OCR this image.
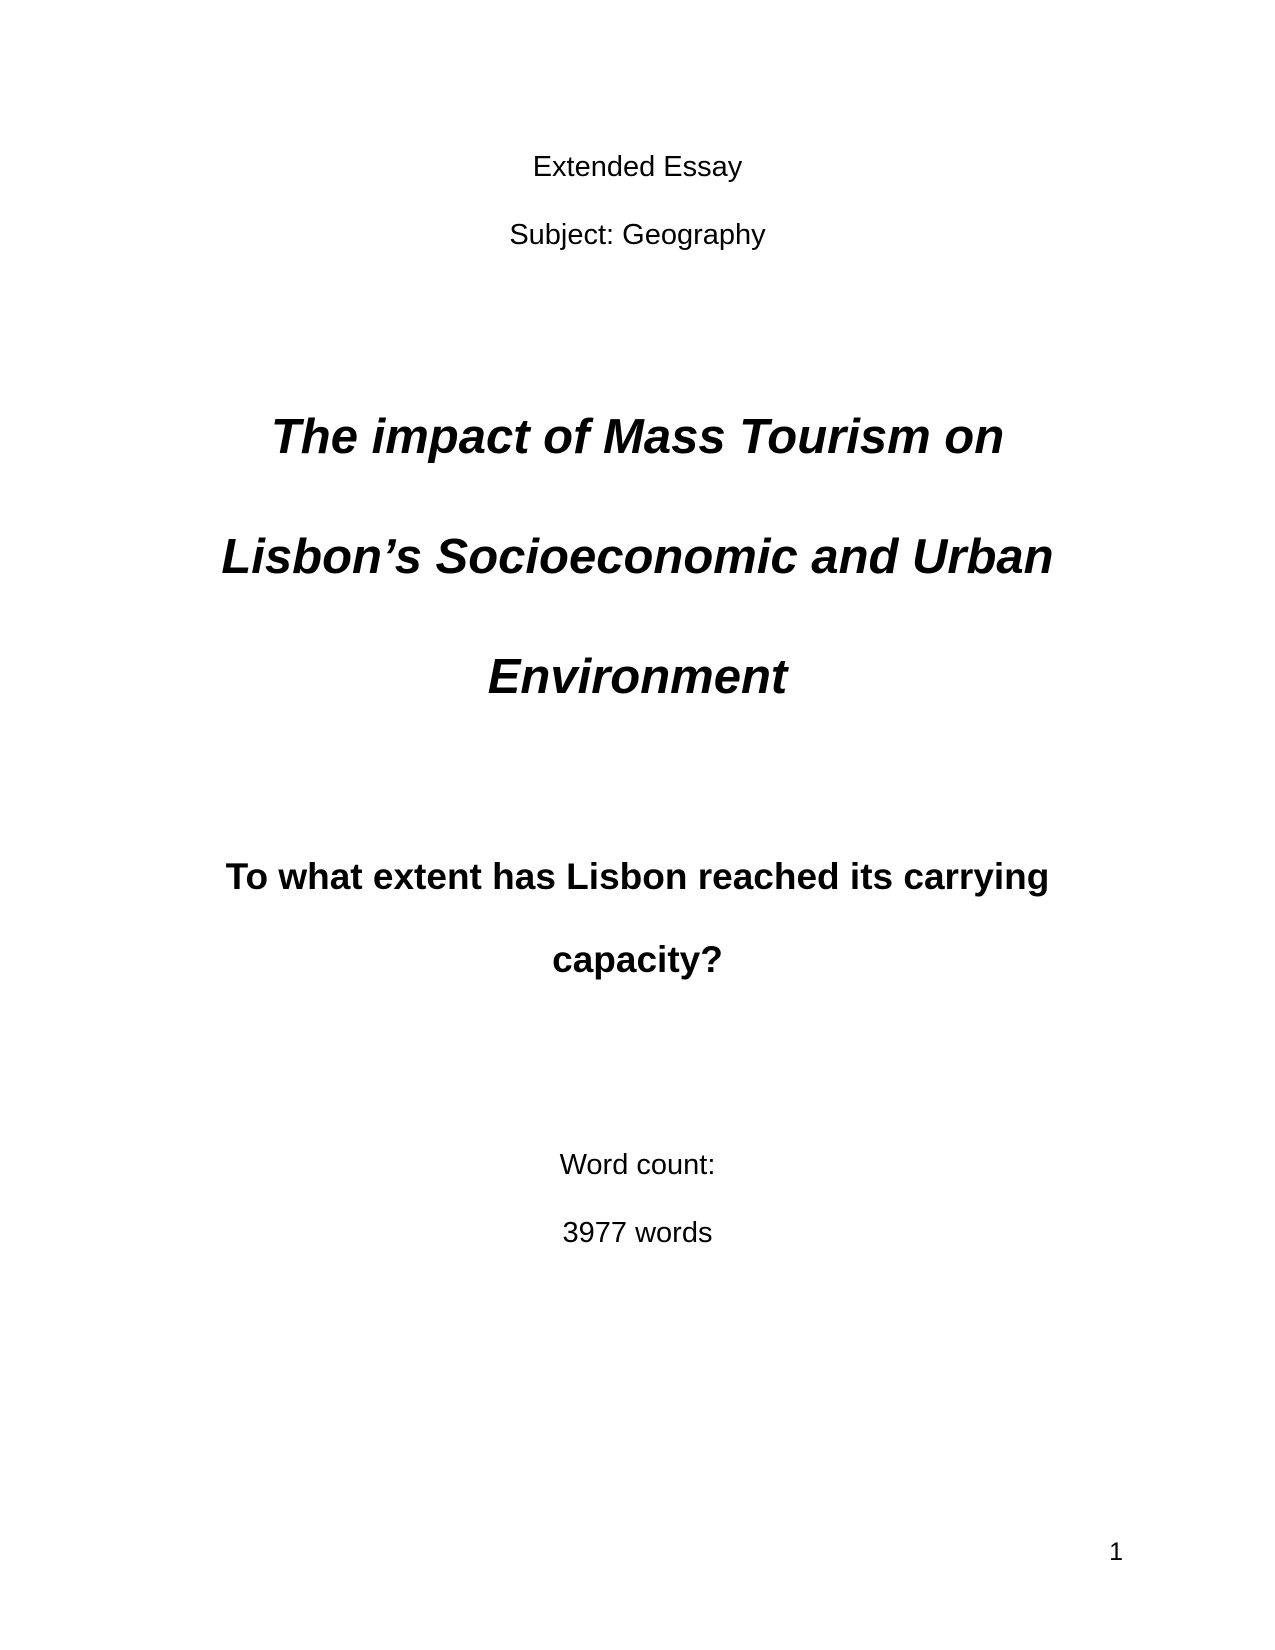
Extended Essay
Subject: Geography
The impact of Mass Tourism on
Lisbon’s Socioeconomic and Urban
Environment
To what extent has Lisbon reached its carrying
capacity?
Word count:
3977 words
1
